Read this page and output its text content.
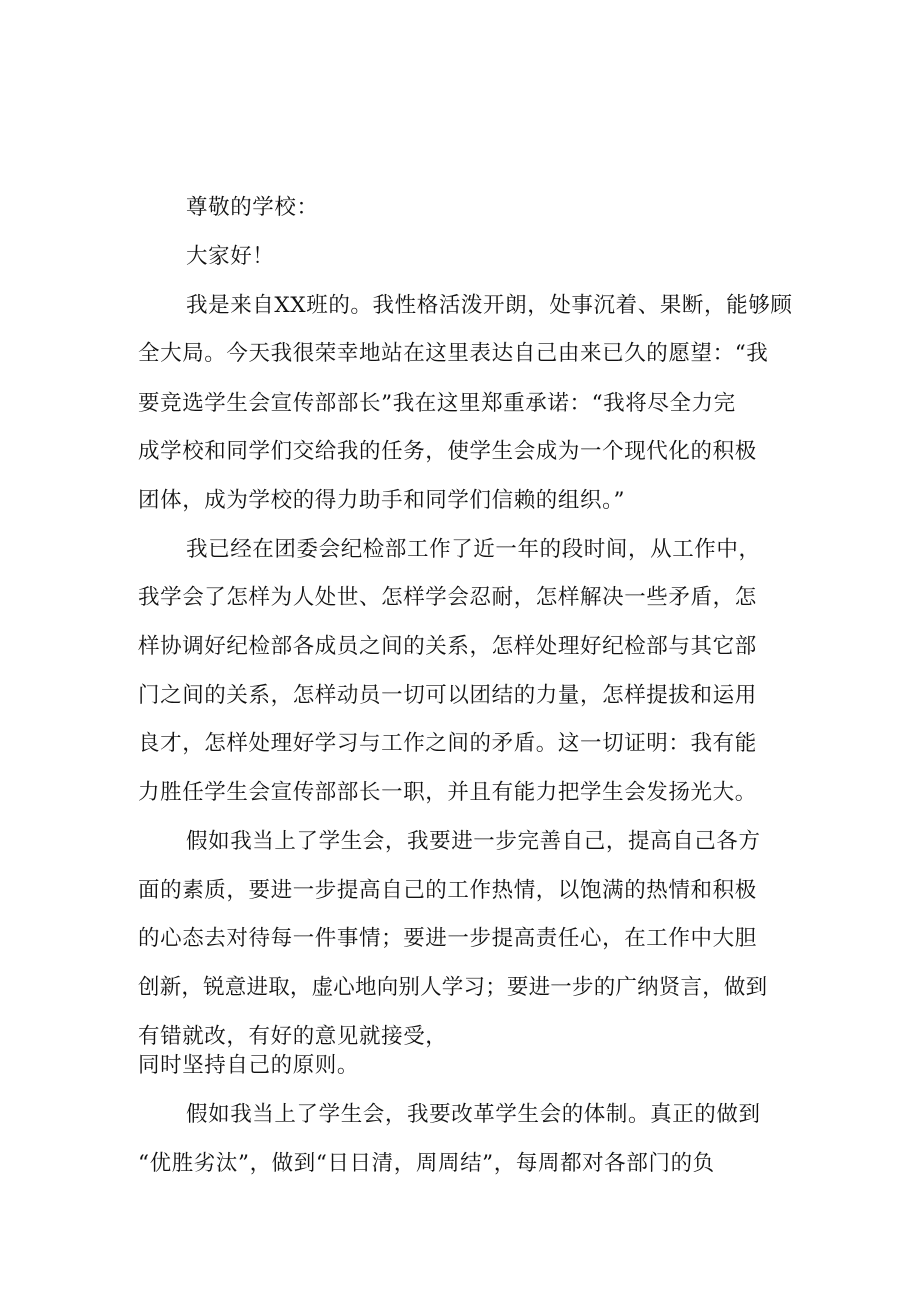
尊敬的学校：
大家好！
我是来自XX班的。我性格活泼开朗，处事沉着、果断，能够顾
全大局。今天我很荣幸地站在这里表达自己由来已久的愿望：“我
要竞选学生会宣传部部长”我在这里郑重承诺：“我将尽全力完
成学校和同学们交给我的任务，使学生会成为一个现代化的积极
团体，成为学校的得力助手和同学们信赖的组织。”
我已经在团委会纪检部工作了近一年的段时间，从工作中，
我学会了怎样为人处世、怎样学会忍耐，怎样解决一些矛盾，怎
样协调好纪检部各成员之间的关系，怎样处理好纪检部与其它部
门之间的关系，怎样动员一切可以团结的力量，怎样提拔和运用
良才，怎样处理好学习与工作之间的矛盾。这一切证明：我有能
力胜任学生会宣传部部长一职，并且有能力把学生会发扬光大。
假如我当上了学生会，我要进一步完善自己，提高自己各方
面的素质，要进一步提高自己的工作热情，以饱满的热情和积极
的心态去对待每一件事情；要进一步提高责任心，在工作中大胆
创新，锐意进取，虚心地向别人学习；要进一步的广纳贤言，做到
有错就改，有好的意见就接受，
同时坚持自己的原则。
假如我当上了学生会，我要改革学生会的体制。真正的做到
“优胜劣汰”，做到“日日清，周周结”，每周都对各部门的负
